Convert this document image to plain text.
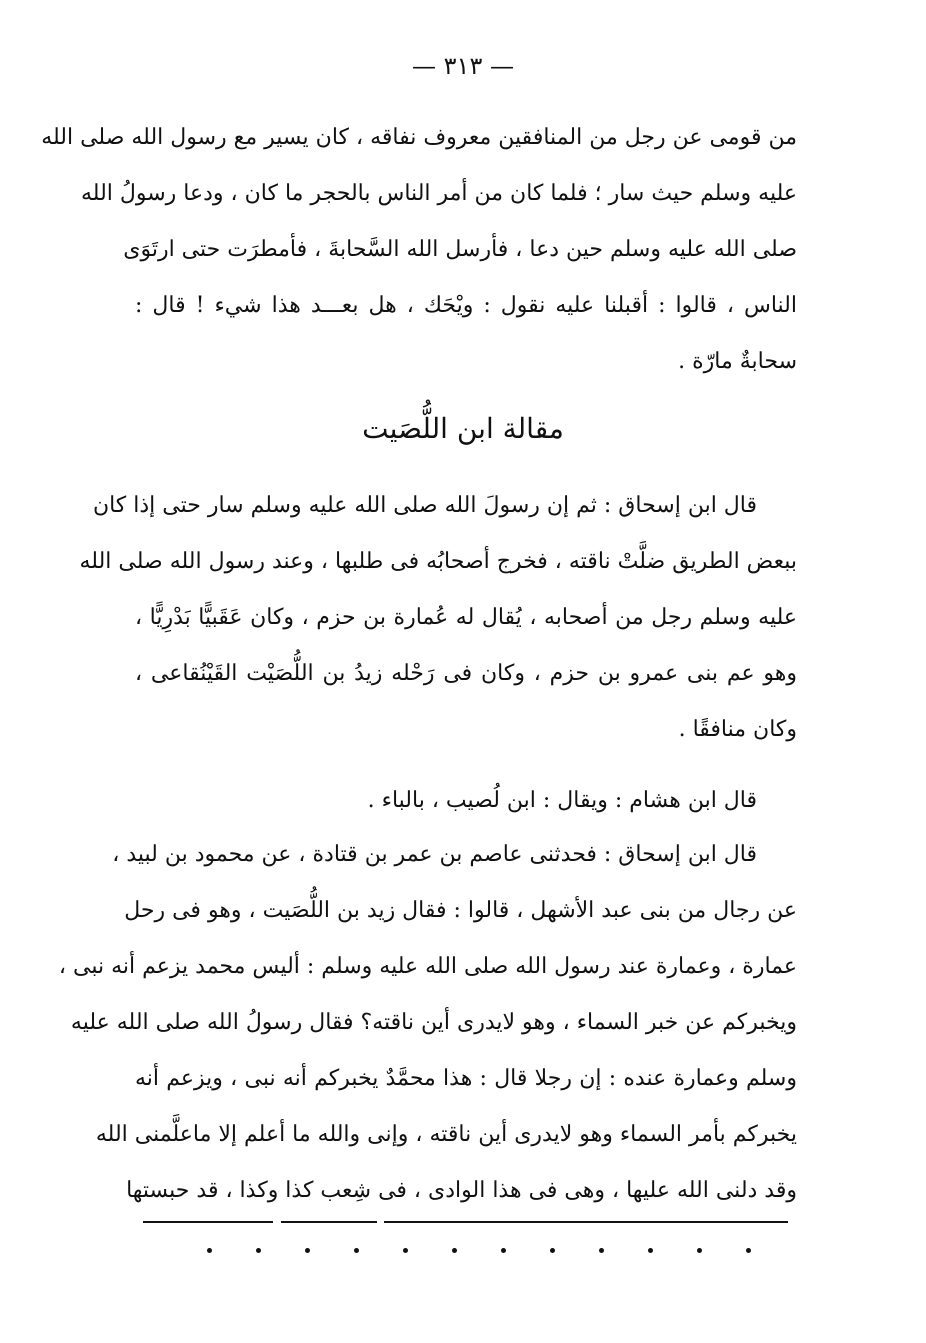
— ٣١٣ —
من قومى عن رجل من المنافقين معروف نفاقه ، كان يسير مع رسول الله صلى الله
عليه وسلم حيث سار ؛ فلما كان من أمر الناس بالحجر ما كان ، ودعا رسولُ الله
صلى الله عليه وسلم حين دعا ، فأرسل الله السَّحابةَ ، فأمطرَت حتى ارتَوَى
الناس ، قالوا : أقبلنا عليه نقول : ويْحَك ، هل بعـــد هذا شيء ! قال :
سحابةٌ مارّة .
مقالة ابن اللُّصَيت
قال ابن إسحاق : ثم إن رسولَ الله صلى الله عليه وسلم سار حتى إذا كان
ببعض الطريق ضلَّتْ ناقته ، فخرج أصحابُه فى طلبها ، وعند رسول الله صلى الله
عليه وسلم رجل من أصحابه ، يُقال له عُمارة بن حزم ، وكان عَقَبيًّا بَدْرِيًّا ،
وهو عم بنى عمرو بن حزم ، وكان فى رَحْله زيدُ بن اللُّصَيْت القَيْنُقاعى ،
وكان منافقًا .
قال ابن هشام : ويقال : ابن لُصيب ، بالباء .
قال ابن إسحاق : فحدثنى عاصم بن عمر بن قتادة ، عن محمود بن لبيد ،
عن رجال من بنى عبد الأشهل ، قالوا : فقال زيد بن اللُّصَيت ، وهو فى رحل
عمارة ، وعمارة عند رسول الله صلى الله عليه وسلم : أليس محمد يزعم أنه نبى ،
ويخبركم عن خبر السماء ، وهو لايدرى أين ناقته؟ فقال رسولُ الله صلى الله عليه
وسلم وعمارة عنده : إن رجلا قال : هذا محمَّدٌ يخبركم أنه نبى ، ويزعم أنه
يخبركم بأمر السماء وهو لايدرى أين ناقته ، وإنى والله ما أعلم إلا ماعلَّمنى الله
وقد دلنى الله عليها ، وهى فى هذا الوادى ، فى شِعب كذا وكذا ، قد حبستها
